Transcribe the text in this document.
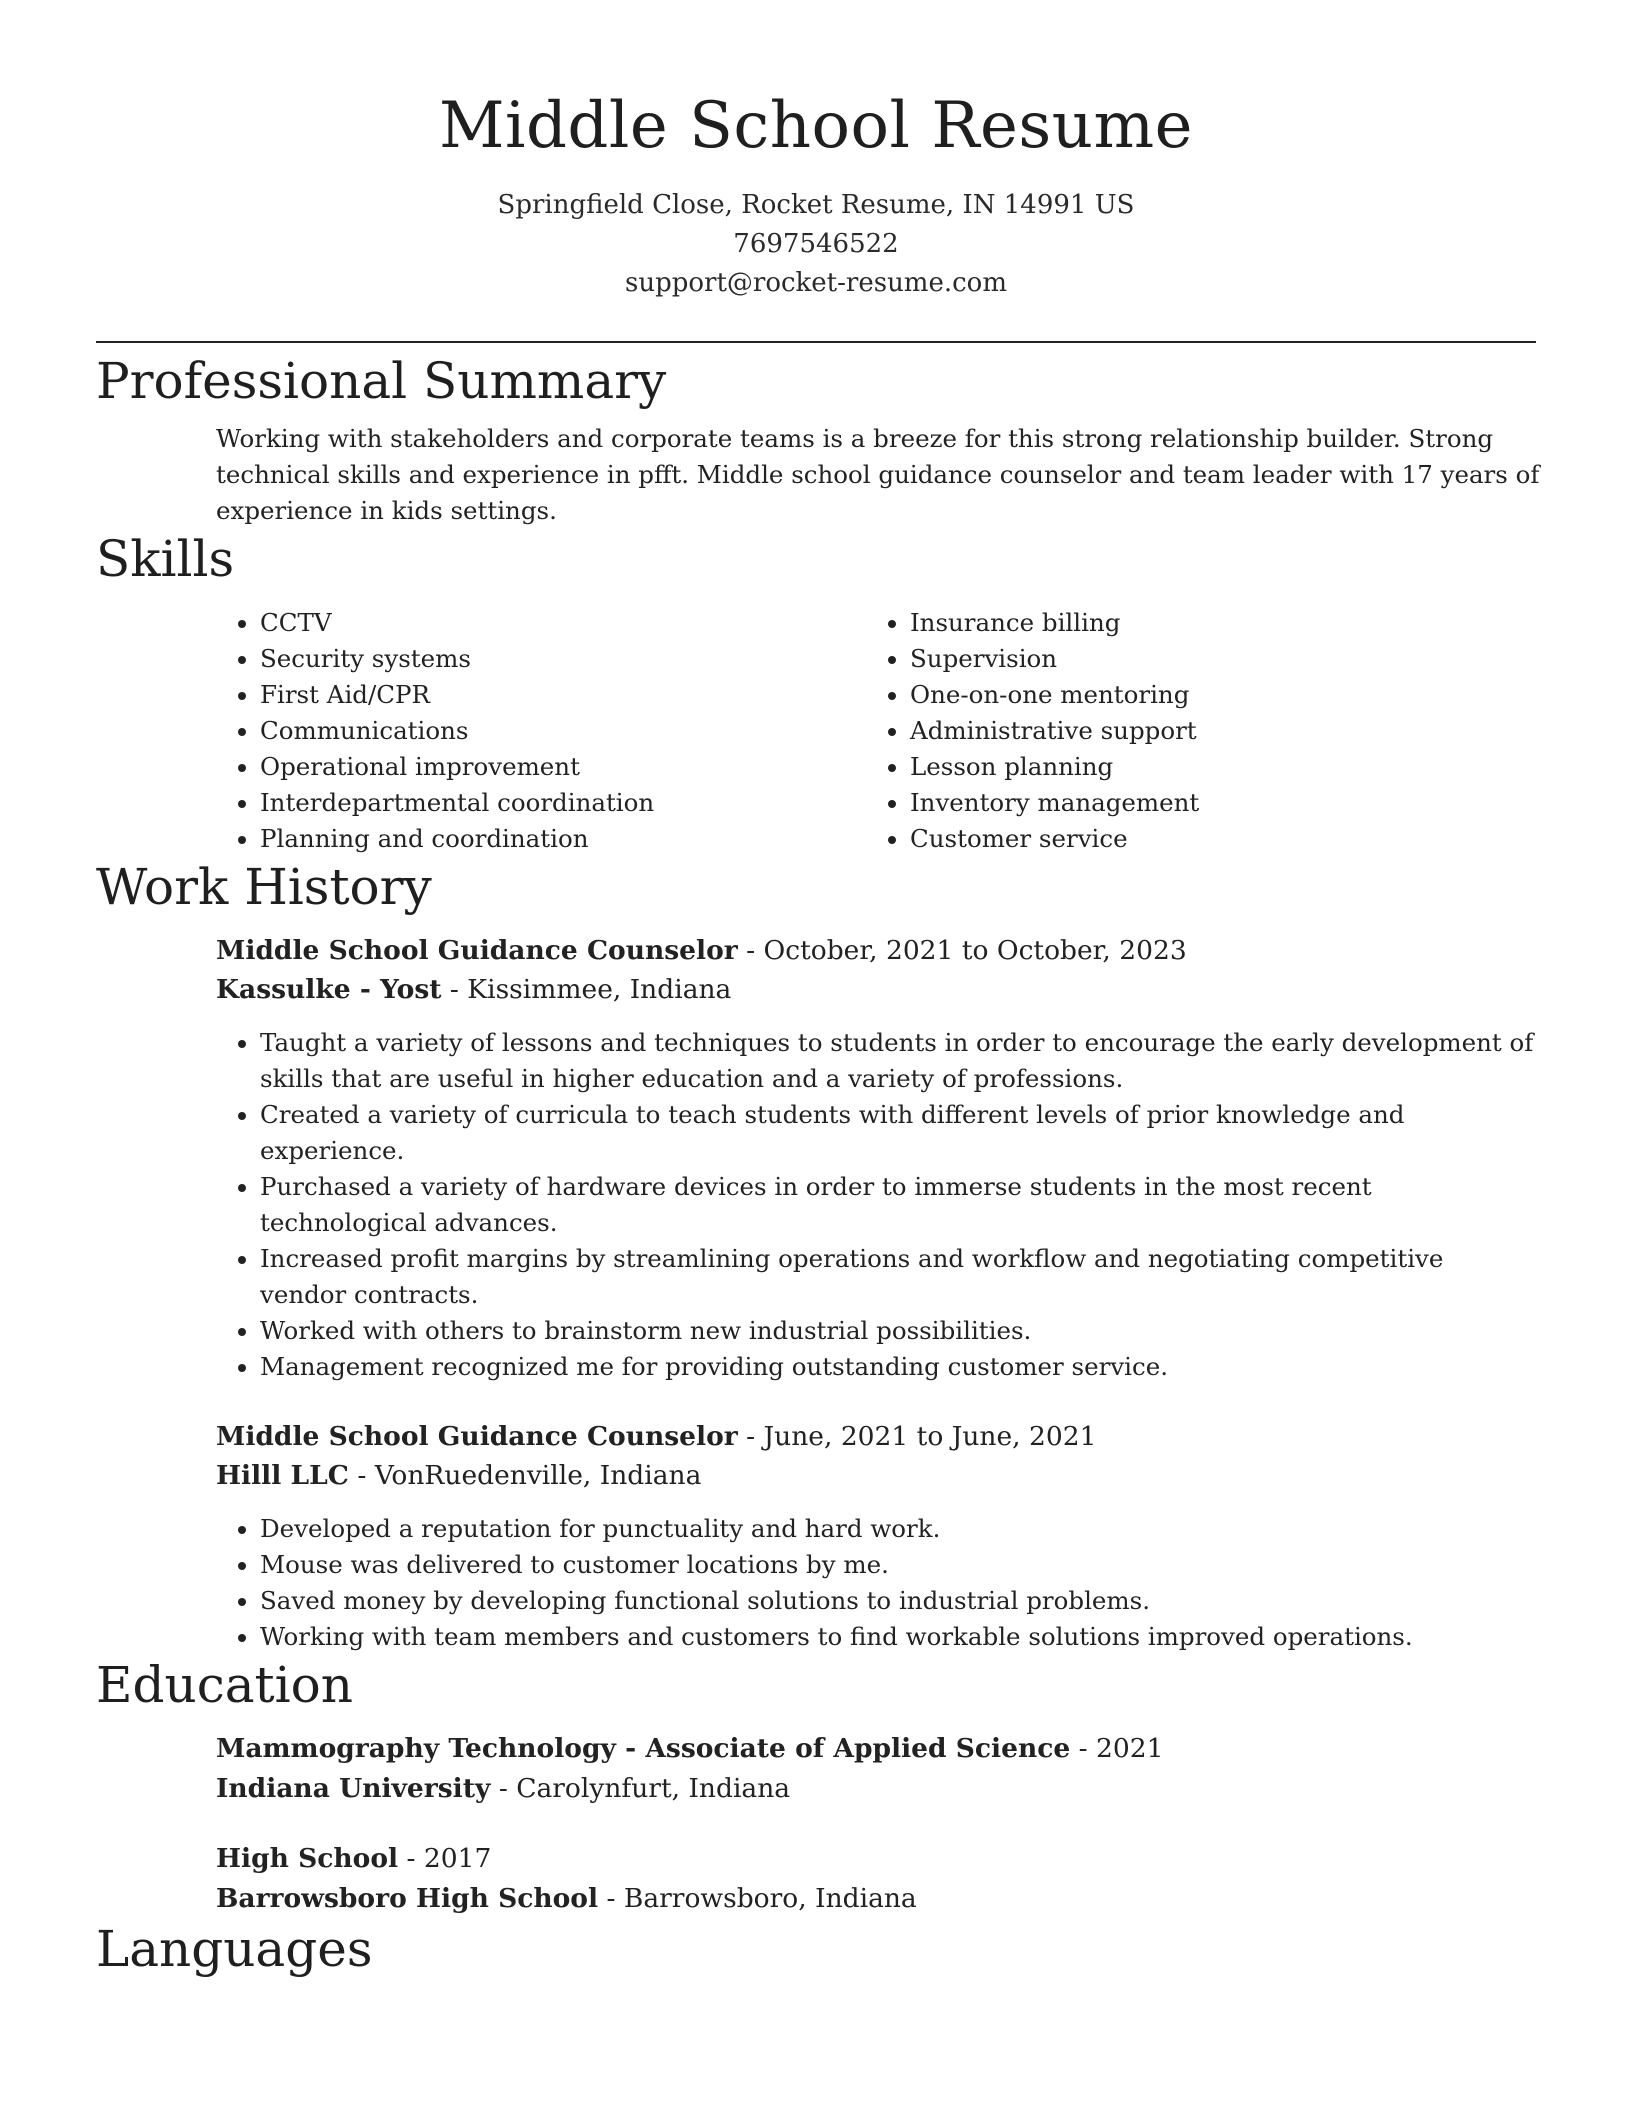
Middle School Resume
Springfield Close, Rocket Resume, IN 14991 US
7697546522
support@rocket-resume.com
Professional Summary
Working with stakeholders and corporate teams is a breeze for this strong relationship builder. Strong technical skills and experience in pfft. Middle school guidance counselor and team leader with 17 years of experience in kids settings.
Skills
• CCTV
• Security systems
• First Aid/CPR
• Communications
• Operational improvement
• Interdepartmental coordination
• Planning and coordination
• Insurance billing
• Supervision
• One-on-one mentoring
• Administrative support
• Lesson planning
• Inventory management
• Customer service
Work History
Middle School Guidance Counselor - October, 2021 to October, 2023
Kassulke - Yost - Kissimmee, Indiana
• Taught a variety of lessons and techniques to students in order to encourage the early development of skills that are useful in higher education and a variety of professions.
• Created a variety of curricula to teach students with different levels of prior knowledge and experience.
• Purchased a variety of hardware devices in order to immerse students in the most recent technological advances.
• Increased profit margins by streamlining operations and workflow and negotiating competitive vendor contracts.
• Worked with others to brainstorm new industrial possibilities.
• Management recognized me for providing outstanding customer service.
Middle School Guidance Counselor - June, 2021 to June, 2021
Hilll LLC - VonRuedenville, Indiana
• Developed a reputation for punctuality and hard work.
• Mouse was delivered to customer locations by me.
• Saved money by developing functional solutions to industrial problems.
• Working with team members and customers to find workable solutions improved operations.
Education
Mammography Technology - Associate of Applied Science - 2021
Indiana University - Carolynfurt, Indiana
High School - 2017
Barrowsboro High School - Barrowsboro, Indiana
Languages
